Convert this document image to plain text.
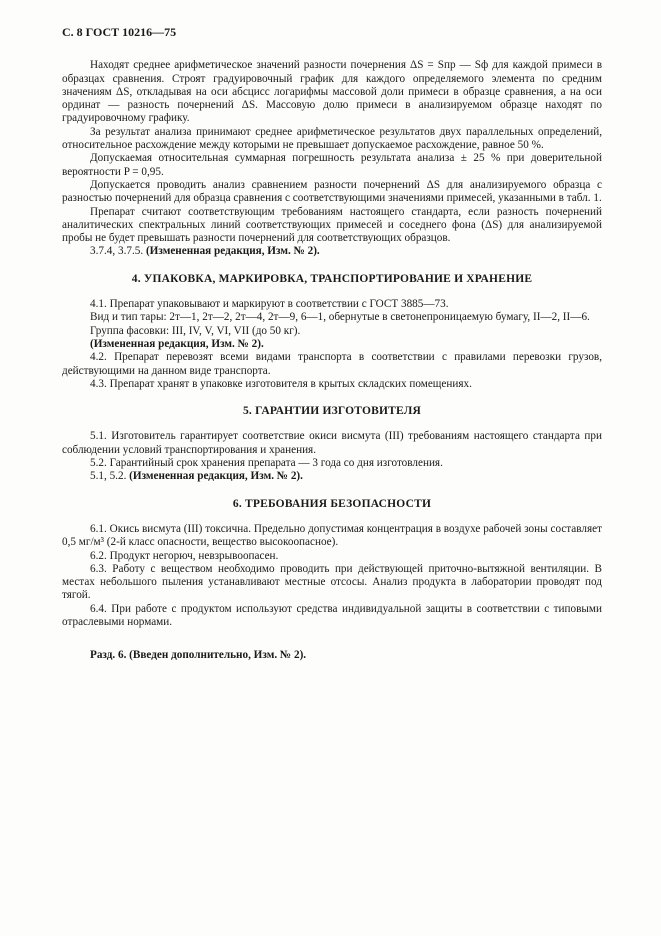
С. 8 ГОСТ 10216—75

Находят среднее арифметическое значений разности почернения ΔS = Sпр — Sф для каждой примеси в образцах сравнения. Строят градуировочный график для каждого определяемого элемента по средним значениям ΔS, откладывая на оси абсцисс логарифмы массовой доли примеси в образце сравнения, а на оси ординат — разность почернений ΔS. Массовую долю примеси в анализируемом образце находят по градуировочному графику.

За результат анализа принимают среднее арифметическое результатов двух параллельных определений, относительное расхождение между которыми не превышает допускаемое расхождение, равное 50 %.

Допускаемая относительная суммарная погрешность результата анализа ± 25 % при доверительной вероятности P = 0,95.

Допускается проводить анализ сравнением разности почернений ΔS для анализируемого образца с разностью почернений для образца сравнения с соответствующими значениями примесей, указанными в табл. 1.

Препарат считают соответствующим требованиям настоящего стандарта, если разность почернений аналитических спектральных линий соответствующих примесей и соседнего фона (ΔS) для анализируемой пробы не будет превышать разности почернений для соответствующих образцов.

3.7.4, 3.7.5. (Измененная редакция, Изм. № 2).

4. УПАКОВКА, МАРКИРОВКА, ТРАНСПОРТИРОВАНИЕ И ХРАНЕНИЕ

4.1. Препарат упаковывают и маркируют в соответствии с ГОСТ 3885—73.

Вид и тип тары: 2т—1, 2т—2, 2т—4, 2т—9, 6—1, обернутые в светонепроницаемую бумагу, II—2, II—6.

Группа фасовки: III, IV, V, VI, VII (до 50 кг).

(Измененная редакция, Изм. № 2).

4.2. Препарат перевозят всеми видами транспорта в соответствии с правилами перевозки грузов, действующими на данном виде транспорта.

4.3. Препарат хранят в упаковке изготовителя в крытых складских помещениях.

5. ГАРАНТИИ ИЗГОТОВИТЕЛЯ

5.1. Изготовитель гарантирует соответствие окиси висмута (III) требованиям настоящего стандарта при соблюдении условий транспортирования и хранения.

5.2. Гарантийный срок хранения препарата — 3 года со дня изготовления.

5.1, 5.2. (Измененная редакция, Изм. № 2).

6. ТРЕБОВАНИЯ БЕЗОПАСНОСТИ

6.1. Окись висмута (III) токсична. Предельно допустимая концентрация в воздухе рабочей зоны составляет 0,5 мг/м³ (2-й класс опасности, вещество высокоопасное).

6.2. Продукт негорюч, невзрывоопасен.

6.3. Работу с веществом необходимо проводить при действующей приточно-вытяжной вентиляции. В местах небольшого пыления устанавливают местные отсосы. Анализ продукта в лаборатории проводят под тягой.

6.4. При работе с продуктом используют средства индивидуальной защиты в соответствии с типовыми отраслевыми нормами.

Разд. 6. (Введен дополнительно, Изм. № 2).
